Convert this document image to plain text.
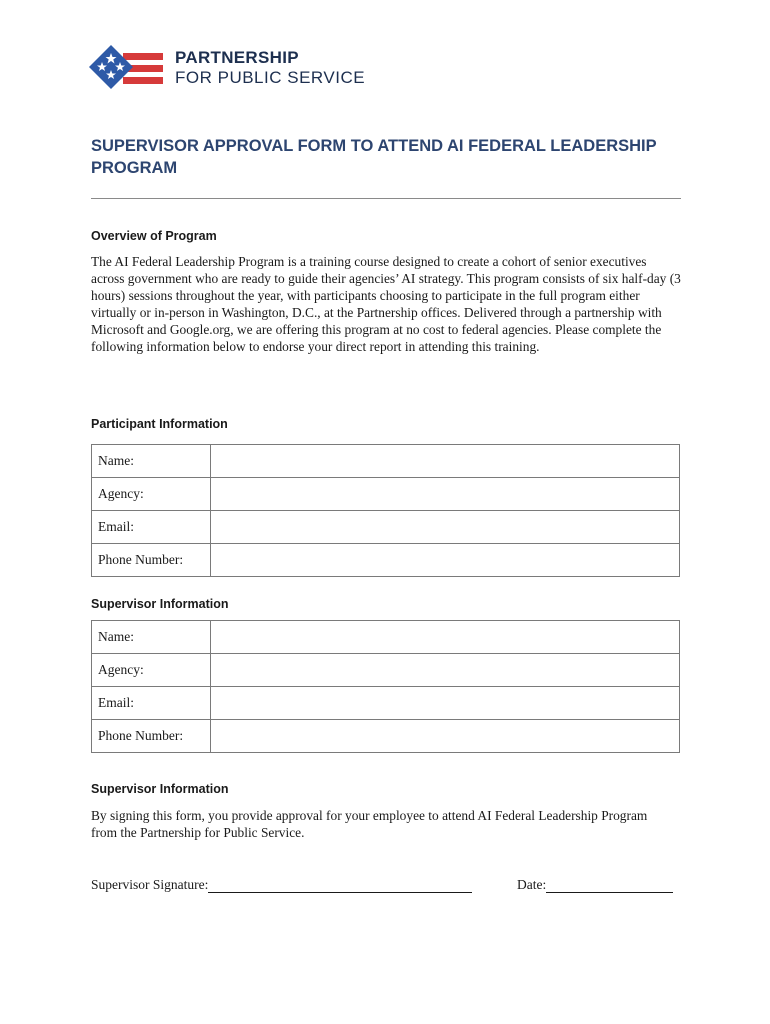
PARTNERSHIP
FOR PUBLIC SERVICE
SUPERVISOR APPROVAL FORM TO ATTEND AI FEDERAL LEADERSHIP PROGRAM
Overview of Program
The AI Federal Leadership Program is a training course designed to create a cohort of senior executives across government who are ready to guide their agencies’ AI strategy. This program consists of six half-day (3 hours) sessions throughout the year, with participants choosing to participate in the full program either virtually or in-person in Washington, D.C., at the Partnership offices. Delivered through a partnership with Microsoft and Google.org, we are offering this program at no cost to federal agencies. Please complete the following information below to endorse your direct report in attending this training.
Participant Information
Name:	
Agency:	
Email:	
Phone Number:	
Supervisor Information
Name:	
Agency:	
Email:	
Phone Number:	
Supervisor Information
By signing this form, you provide approval for your employee to attend AI Federal Leadership Program from the Partnership for Public Service.
Supervisor Signature:	Date:
